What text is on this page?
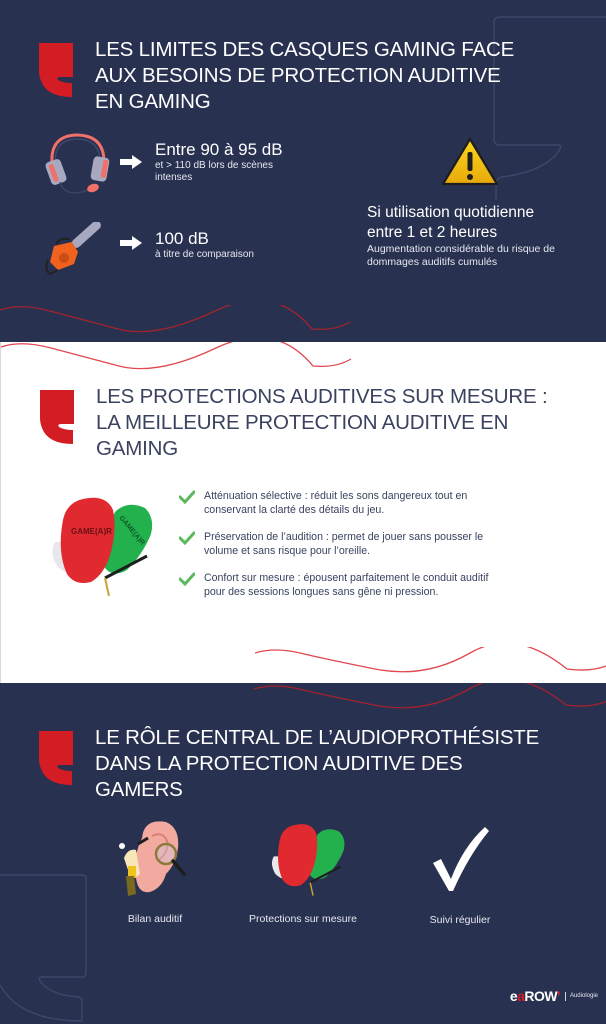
LES LIMITES DES CASQUES GAMING FACE
AUX BESOINS DE PROTECTION AUDITIVE
EN GAMING
Entre 90 à 95 dB
et > 110 dB lors de scènes
intenses
100 dB
à titre de comparaison
Si utilisation quotidienne
entre 1 et 2 heures
Augmentation considérable du risque de
dommages auditifs cumulés
LES PROTECTIONS AUDITIVES SUR MESURE :
LA MEILLEURE PROTECTION AUDITIVE EN
GAMING
GAME(A)R GAME(A)R
Atténuation sélective : réduit les sons dangereux tout en
conservant la clarté des détails du jeu.
Préservation de l’audition : permet de jouer sans pousser le
volume et sans risque pour l’oreille.
Confort sur mesure : épousent parfaitement le conduit auditif
pour des sessions longues sans gêne ni pression.
LE RÔLE CENTRAL DE L’AUDIOPROTHÉSISTE
DANS LA PROTECTION AUDITIVE DES
GAMERS
Bilan auditif	Protections sur mesure	Suivi régulier
eaROW' Audiologie
